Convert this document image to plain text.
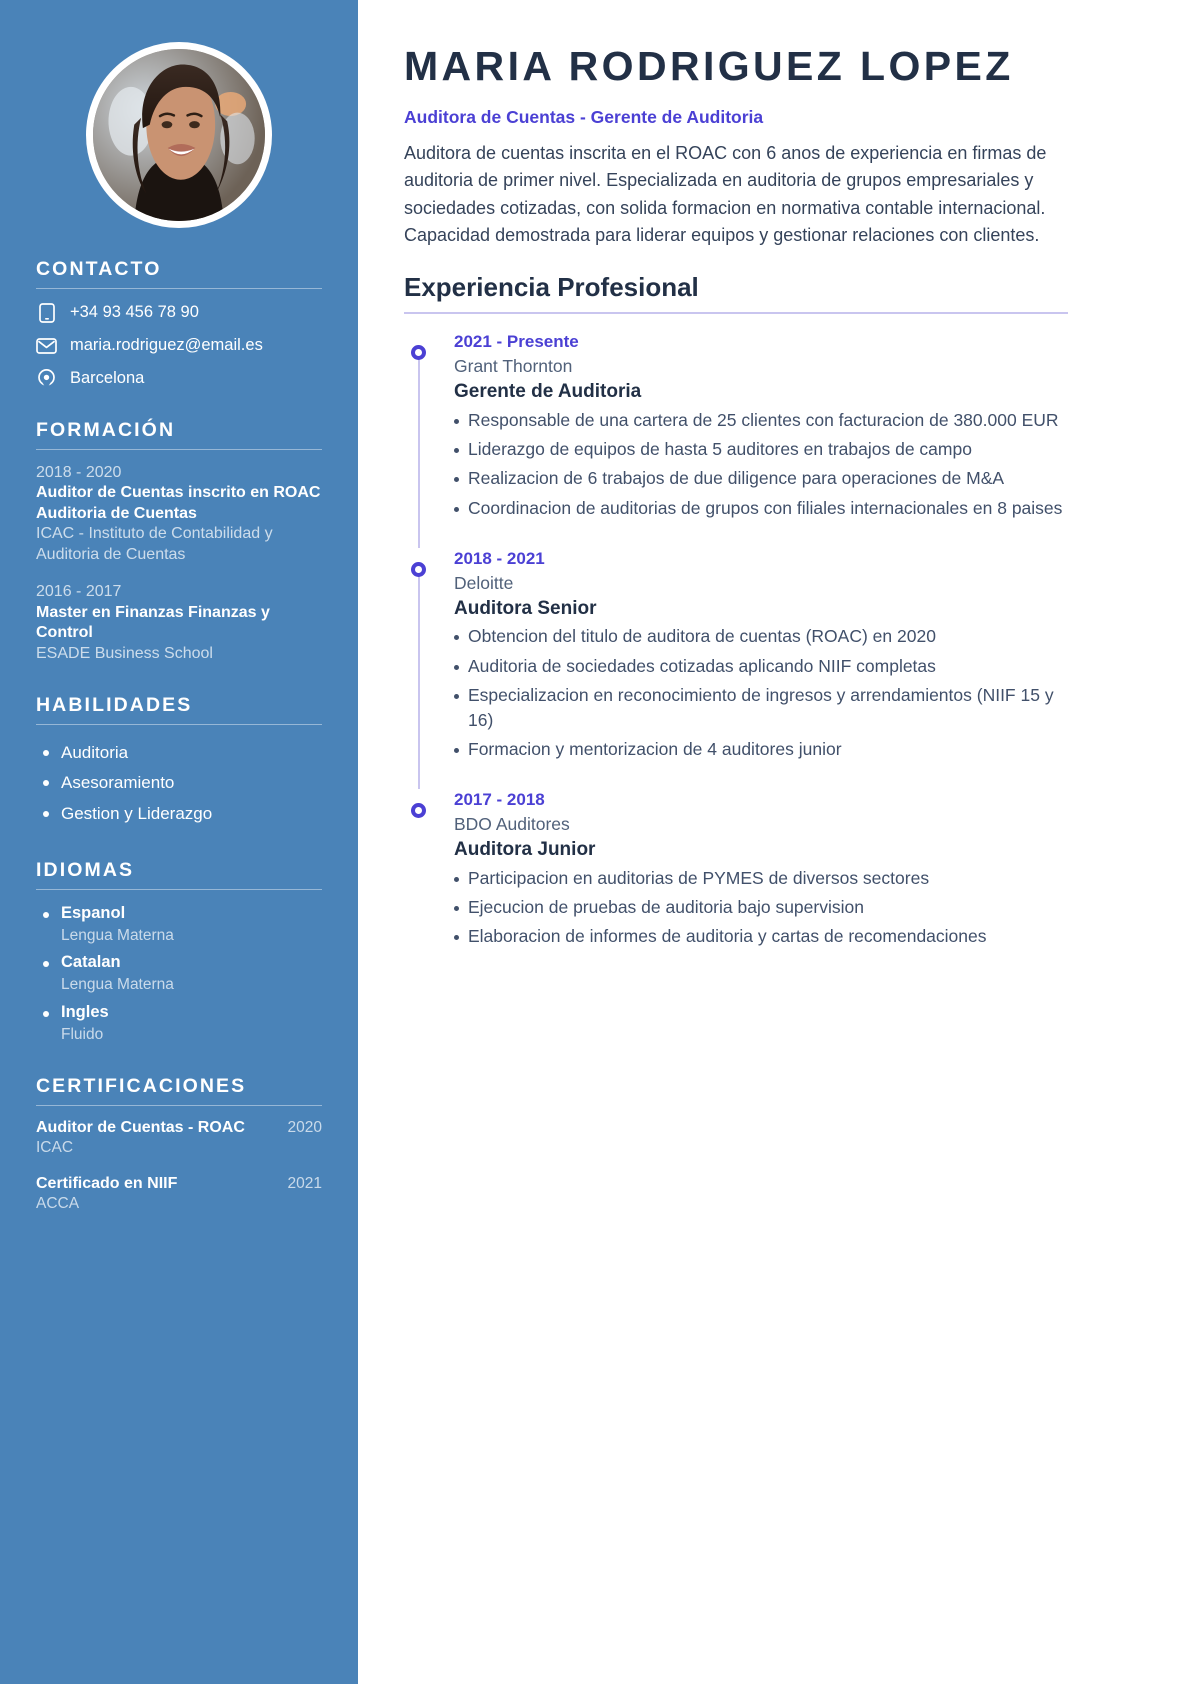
CONTACTO
+34 93 456 78 90
maria.rodriguez@email.es
Barcelona
FORMACIÓN
2018 - 2020
Auditor de Cuentas inscrito en ROAC Auditoria de Cuentas
ICAC - Instituto de Contabilidad y Auditoria de Cuentas
2016 - 2017
Master en Finanzas Finanzas y Control
ESADE Business School
HABILIDADES
Auditoria
Asesoramiento
Gestion y Liderazgo
IDIOMAS
Espanol
Lengua Materna
Catalan
Lengua Materna
Ingles
Fluido
CERTIFICACIONES
Auditor de Cuentas - ROAC	2020
ICAC
Certificado en NIIF	2021
ACCA
MARIA RODRIGUEZ LOPEZ
Auditora de Cuentas - Gerente de Auditoria

Auditora de cuentas inscrita en el ROAC con 6 anos de experiencia en firmas de auditoria de primer nivel. Especializada en auditoria de grupos empresariales y sociedades cotizadas, con solida formacion en normativa contable internacional. Capacidad demostrada para liderar equipos y gestionar relaciones con clientes.

Experiencia Profesional
2021 - Presente
Grant Thornton
Gerente de Auditoria
Responsable de una cartera de 25 clientes con facturacion de 380.000 EUR
Liderazgo de equipos de hasta 5 auditores en trabajos de campo
Realizacion de 6 trabajos de due diligence para operaciones de M&A
Coordinacion de auditorias de grupos con filiales internacionales en 8 paises
2018 - 2021
Deloitte
Auditora Senior
Obtencion del titulo de auditora de cuentas (ROAC) en 2020
Auditoria de sociedades cotizadas aplicando NIIF completas
Especializacion en reconocimiento de ingresos y arrendamientos (NIIF 15 y 16)
Formacion y mentorizacion de 4 auditores junior
2017 - 2018
BDO Auditores
Auditora Junior
Participacion en auditorias de PYMES de diversos sectores
Ejecucion de pruebas de auditoria bajo supervision
Elaboracion de informes de auditoria y cartas de recomendaciones
